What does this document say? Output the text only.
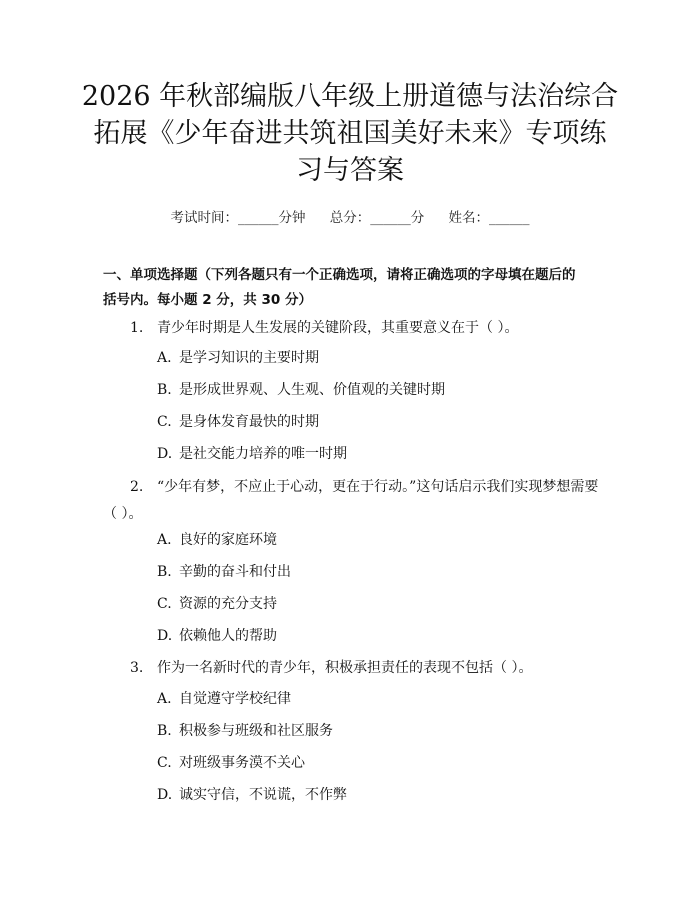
2026 年秋部编版八年级上册道德与法治综合
拓展《少年奋进共筑祖国美好未来》专项练
习与答案
考试时间：______分钟 总分：______分 姓名：______
一、单项选择题（下列各题只有一个正确选项，请将正确选项的字母填在题后的
括号内。每小题 2 分，共 30 分）
1. 青少年时期是人生发展的关键阶段，其重要意义在于（ ）。
A. 是学习知识的主要时期
B. 是形成世界观、人生观、价值观的关键时期
C. 是身体发育最快的时期
D. 是社交能力培养的唯一时期
2. “少年有梦，不应止于心动，更在于行动。”这句话启示我们实现梦想需要（ ）。
A. 良好的家庭环境
B. 辛勤的奋斗和付出
C. 资源的充分支持
D. 依赖他人的帮助
3. 作为一名新时代的青少年，积极承担责任的表现不包括（ ）。
A. 自觉遵守学校纪律
B. 积极参与班级和社区服务
C. 对班级事务漠不关心
D. 诚实守信，不说谎，不作弊
